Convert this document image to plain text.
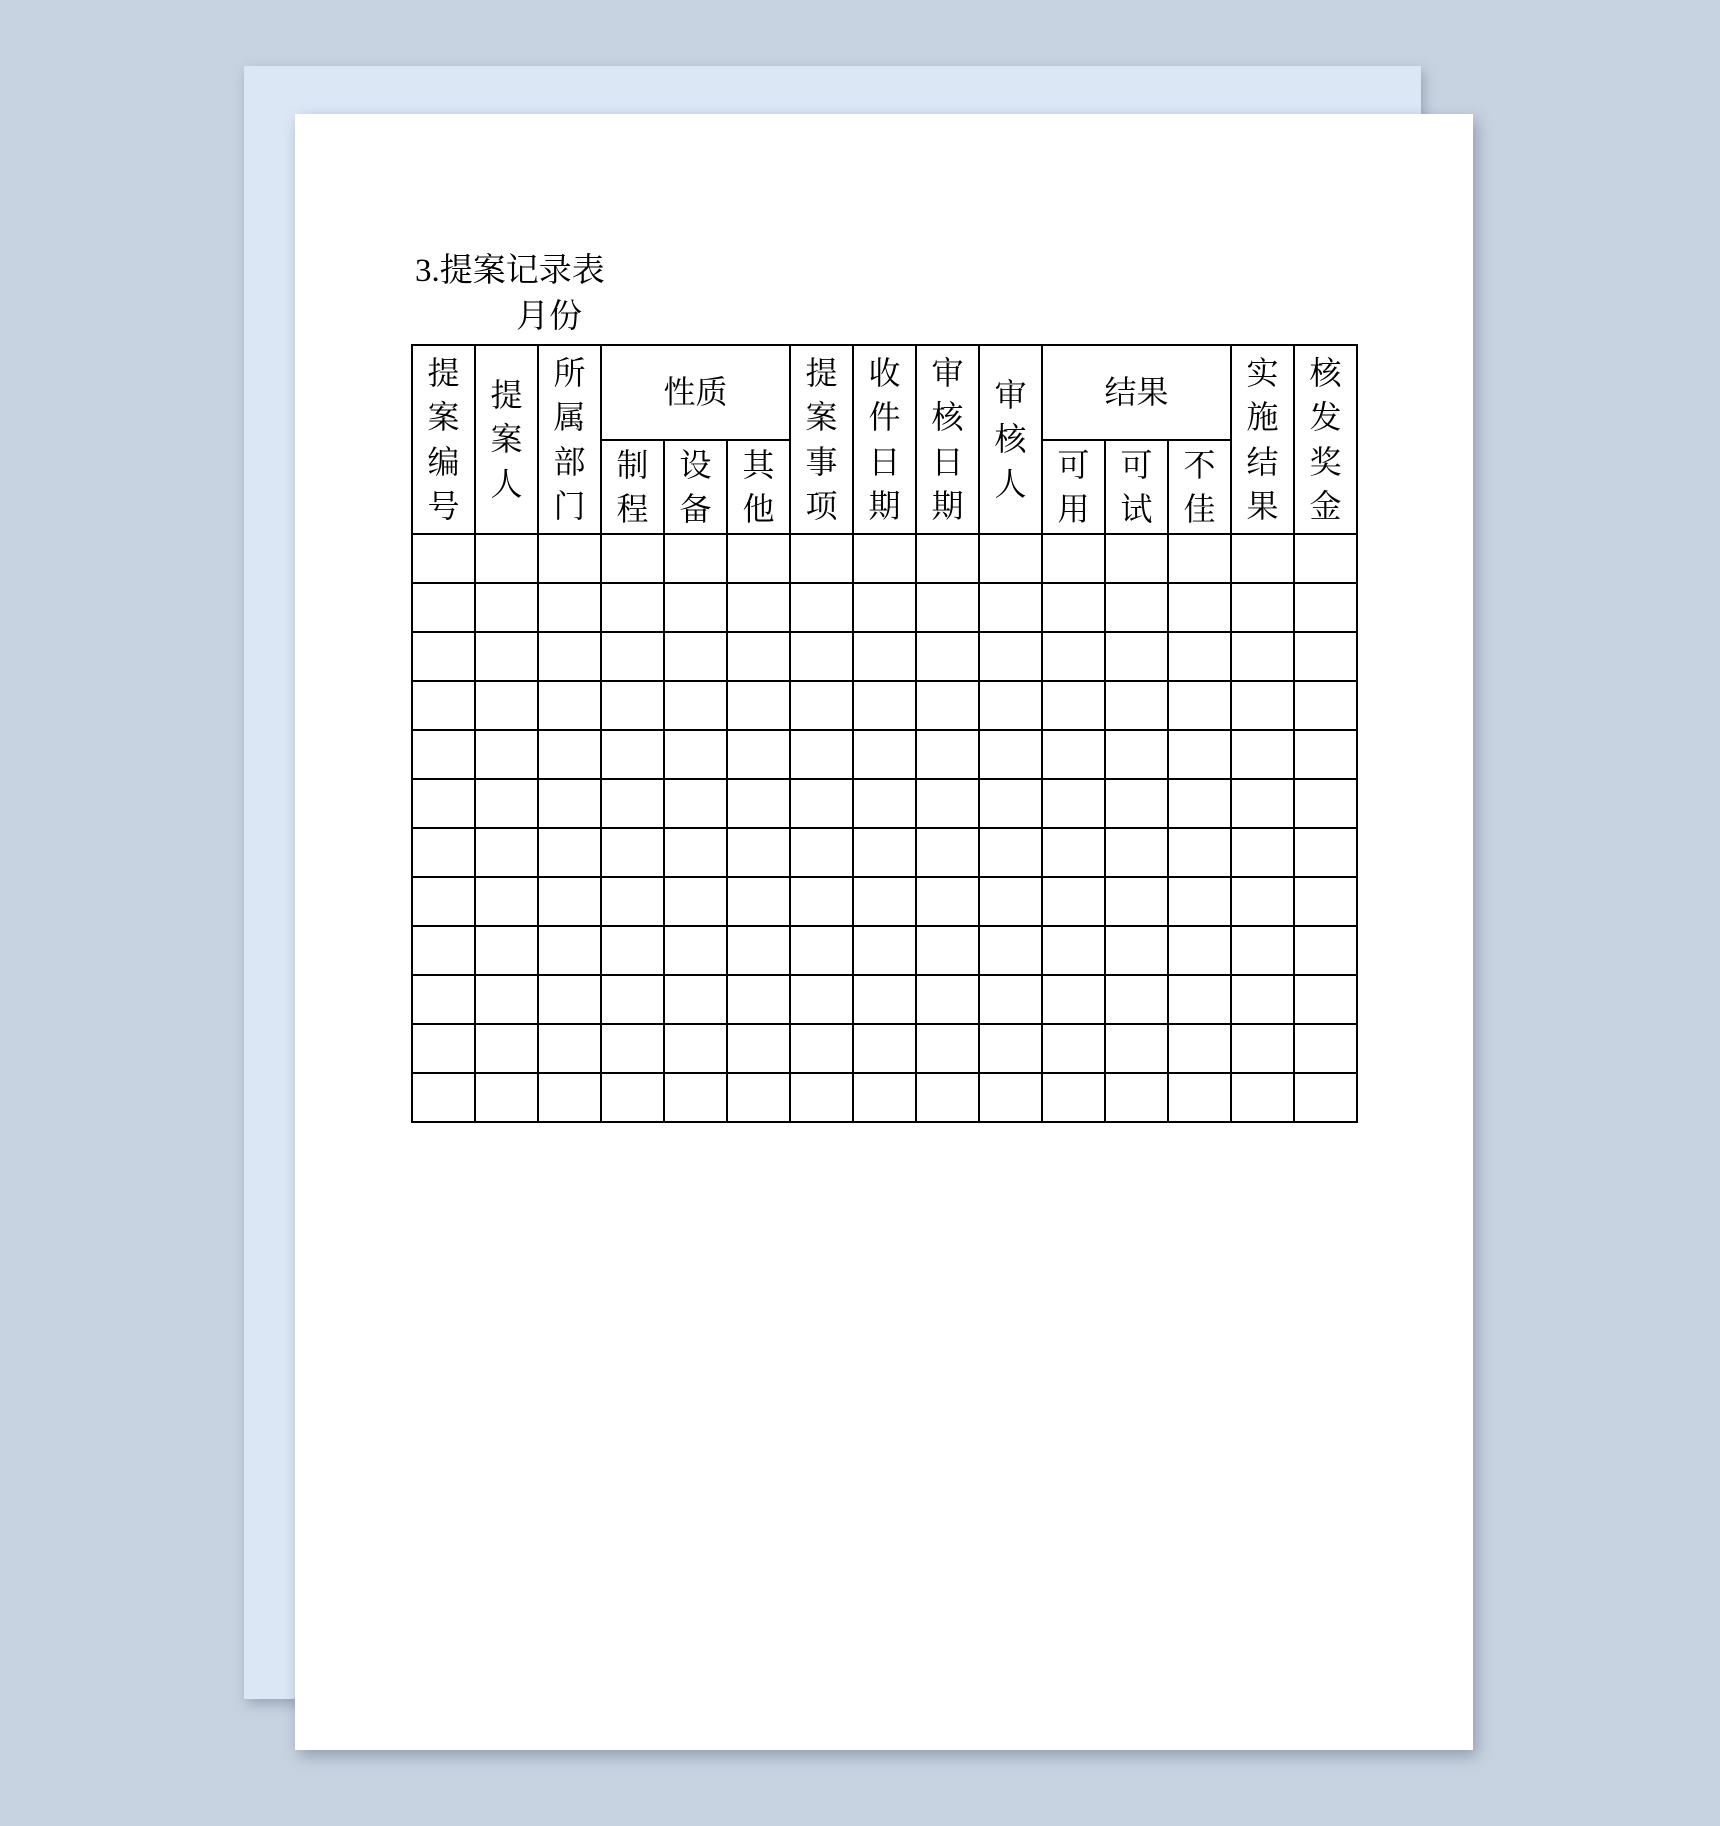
3.提案记录表
月份
提案编号	提案人	所属部门	性质			提案事项	收件日期	审核日期	审核人	结果			实施结果	核发奖金
			制程	设备	其他					可用	可试	不佳		
